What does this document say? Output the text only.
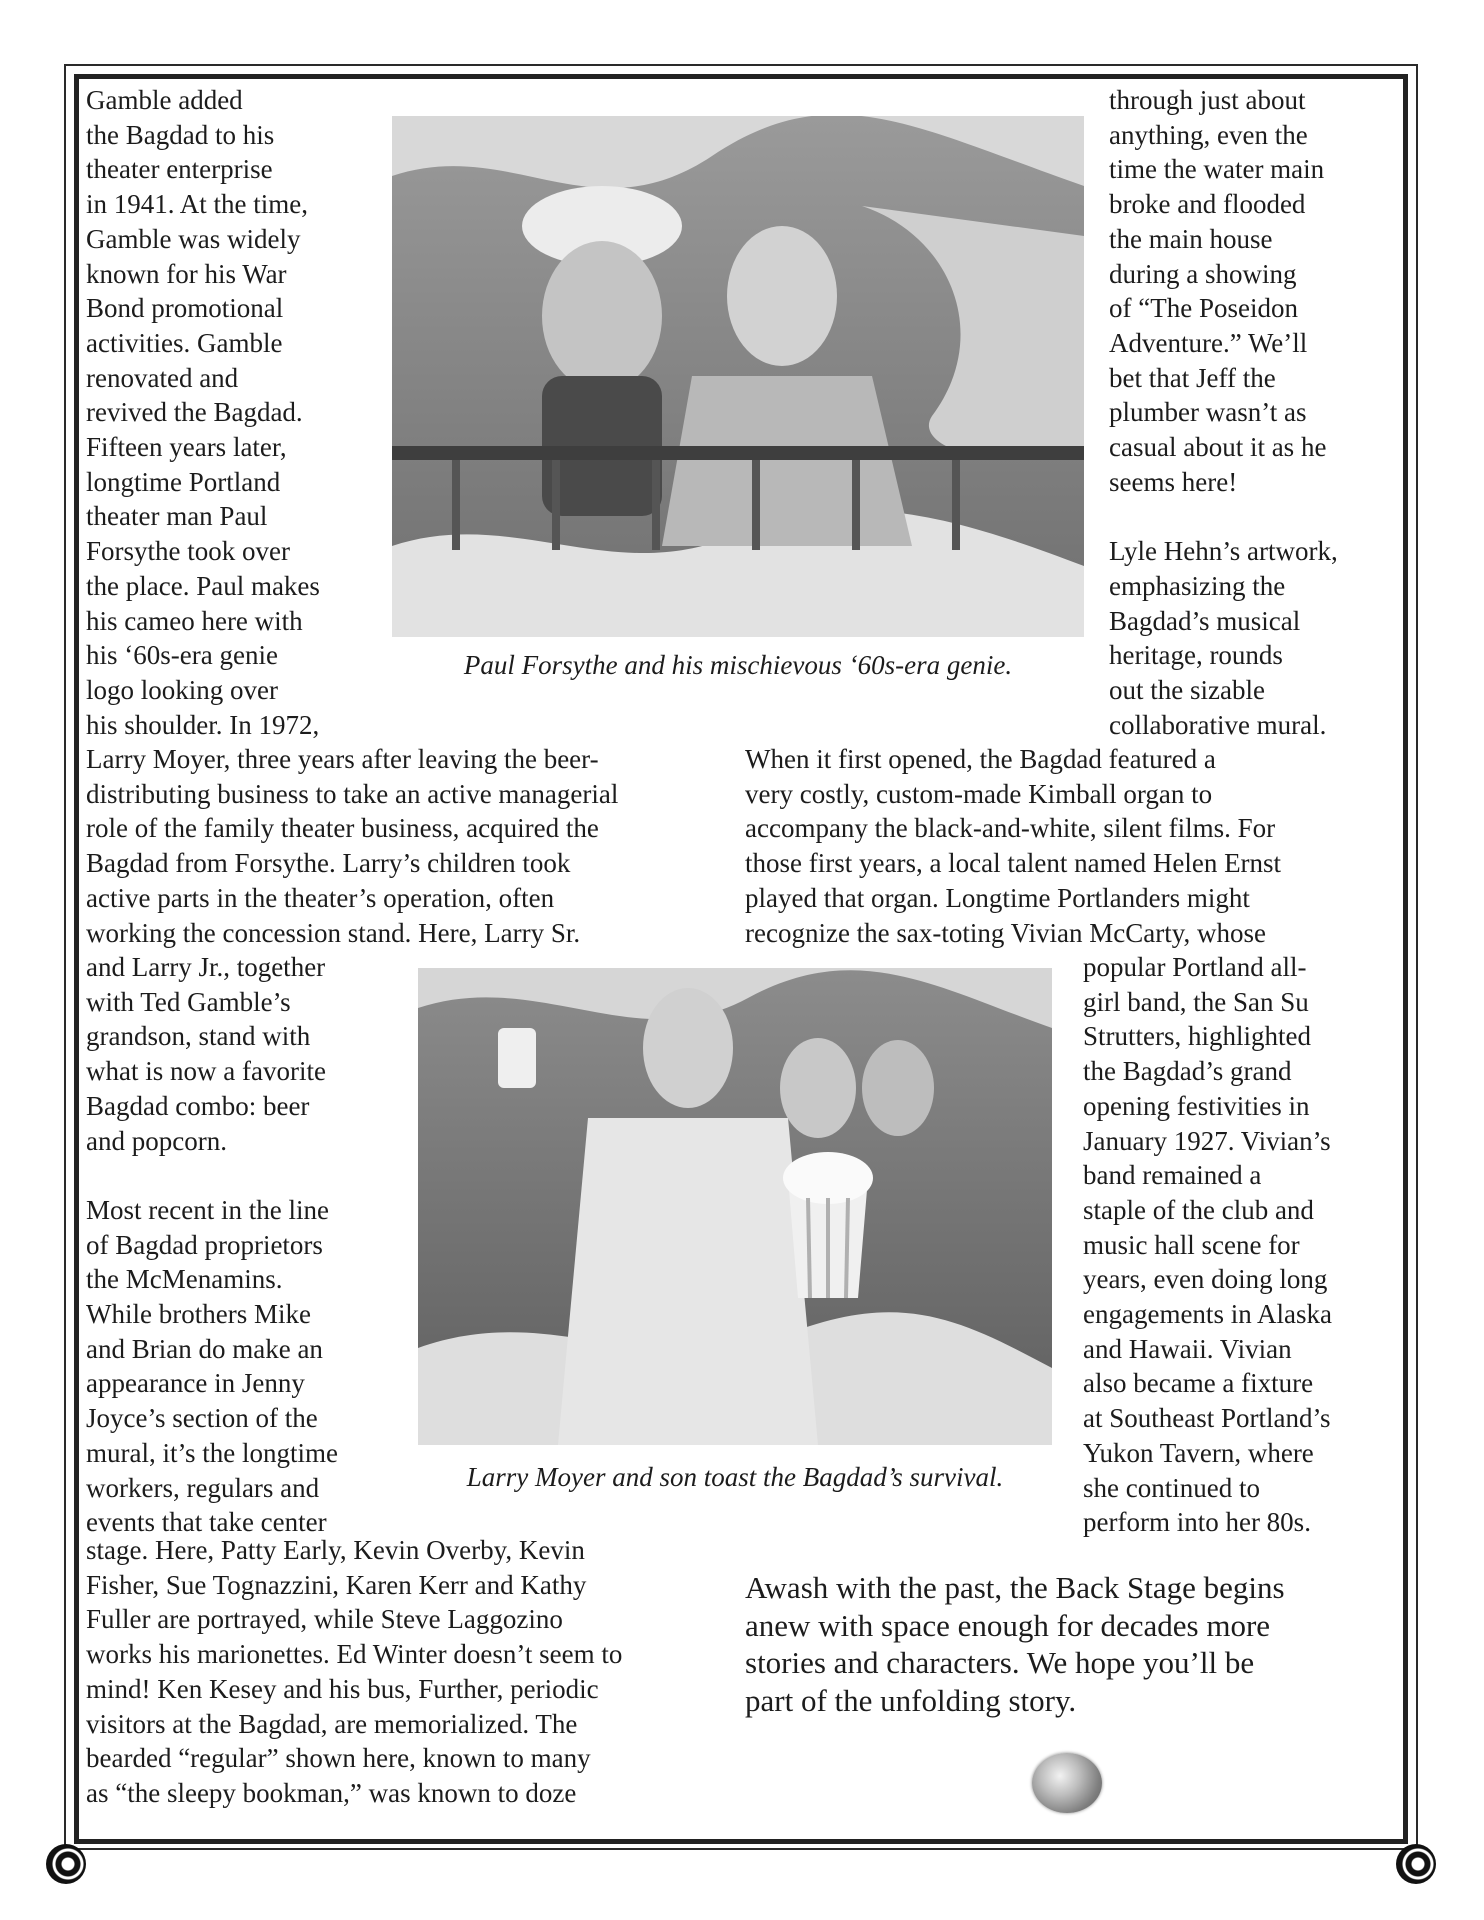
Gamble added
the Bagdad to his
theater enterprise
in 1941. At the time,
Gamble was widely
known for his War
Bond promotional
activities. Gamble
renovated and
revived the Bagdad.
Fifteen years later,
longtime Portland
theater man Paul
Forsythe took over
the place. Paul makes
his cameo here with
his ‘60s-era genie
logo looking over
his shoulder. In 1972,
through just about
anything, even the
time the water main
broke and flooded
the main house
during a showing
of “The Poseidon
Adventure.” We’ll
bet that Jeff the
plumber wasn’t as
casual about it as he
seems here!

Lyle Hehn’s artwork,
emphasizing the
Bagdad’s musical
heritage, rounds
out the sizable
collaborative mural.

Paul Forsythe and his mischievous ‘60s-era genie.

Larry Moyer, three years after leaving the beer-
distributing business to take an active managerial
role of the family theater business, acquired the
Bagdad from Forsythe. Larry’s children took
active parts in the theater’s operation, often
working the concession stand. Here, Larry Sr.
When it first opened, the Bagdad featured a
very costly, custom-made Kimball organ to
accompany the black-and-white, silent films. For
those first years, a local talent named Helen Ernst
played that organ. Longtime Portlanders might
recognize the sax-toting Vivian McCarty, whose
and Larry Jr., together
with Ted Gamble’s
grandson, stand with
what is now a favorite
Bagdad combo: beer
and popcorn.

Most recent in the line
of Bagdad proprietors
the McMenamins.
While brothers Mike
and Brian do make an
appearance in Jenny
Joyce’s section of the
mural, it’s the longtime
workers, regulars and
events that take center

Larry Moyer and son toast the Bagdad’s survival.

popular Portland all-
girl band, the San Su
Strutters, highlighted
the Bagdad’s grand
opening festivities in
January 1927. Vivian’s
band remained a
staple of the club and
music hall scene for
years, even doing long
engagements in Alaska
and Hawaii. Vivian
also became a fixture
at Southeast Portland’s
Yukon Tavern, where
she continued to
perform into her 80s.
stage. Here, Patty Early, Kevin Overby, Kevin
Fisher, Sue Tognazzini, Karen Kerr and Kathy
Fuller are portrayed, while Steve Laggozino
works his marionettes. Ed Winter doesn’t seem to
mind! Ken Kesey and his bus, Further, periodic
visitors at the Bagdad, are memorialized. The
bearded “regular” shown here, known to many
as “the sleepy bookman,” was known to doze
Awash with the past, the Back Stage begins
anew with space enough for decades more
stories and characters. We hope you’ll be
part of the unfolding story.
